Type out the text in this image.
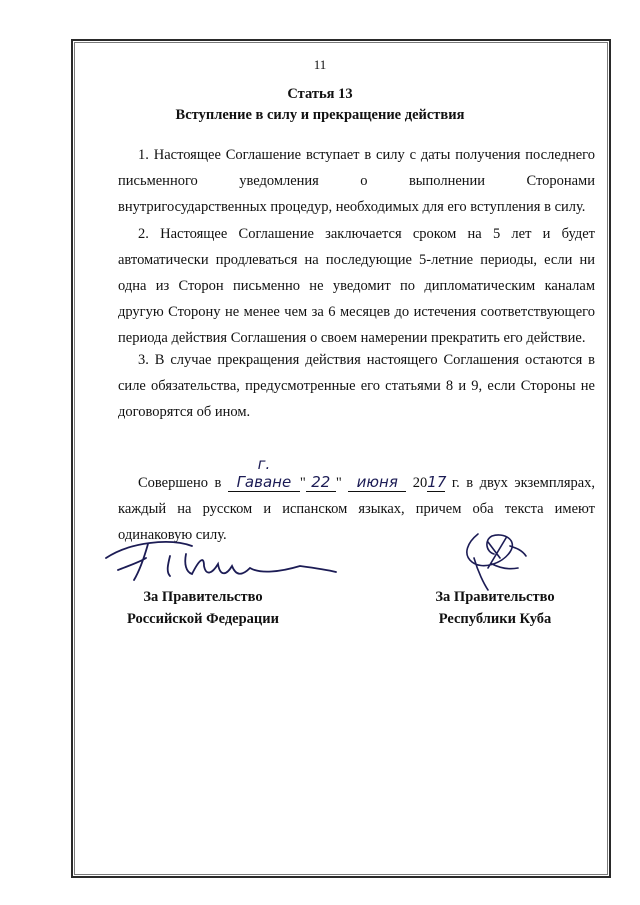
11
Статья 13
Вступление в силу и прекращение действия

1. Настоящее Соглашение вступает в силу с даты получения последнего письменного уведомления о выполнении Сторонами внутригосударственных процедур, необходимых для его вступления в силу.

2. Настоящее Соглашение заключается сроком на 5 лет и будет автоматически продлеваться на последующие 5-летние периоды, если ни одна из Сторон письменно не уведомит по дипломатическим каналам другую Сторону не менее чем за 6 месяцев до истечения соответствующего периода действия Соглашения о своем намерении прекратить его действие.

3. В случае прекращения действия настоящего Соглашения остаются в силе обязательства, предусмотренные его статьями 8 и 9, если Стороны не договорятся об ином.

Совершено в г. Гаване " 22 " июня 2017 г. в двух экземплярах, каждый на русском и испанском языках, причем оба текста имеют одинаковую силу.

За Правительство
Российской Федерации
За Правительство
Республики Куба
